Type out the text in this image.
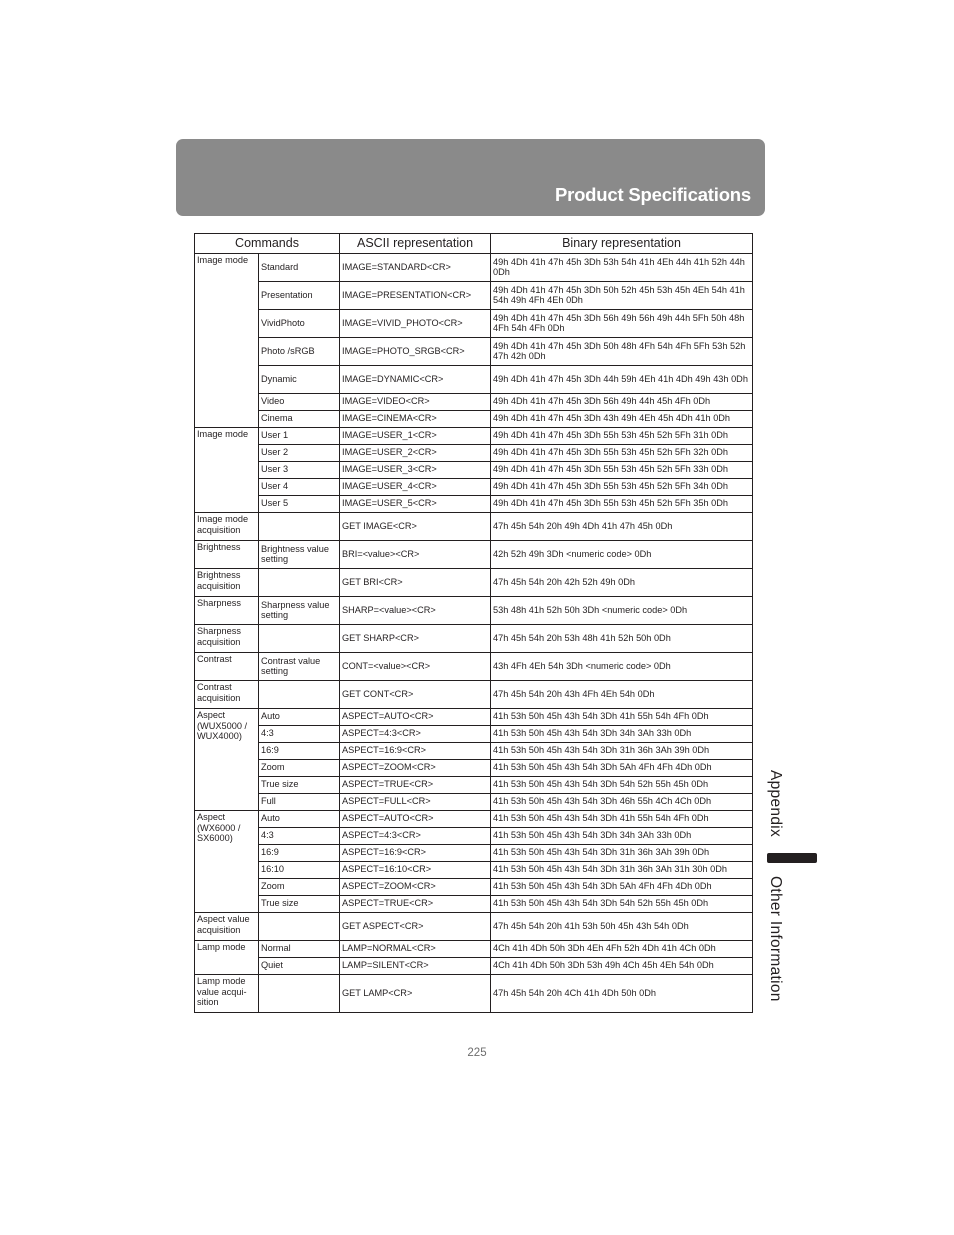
Product Specifications
Commands		ASCII representation	Binary representation
Image mode	Standard	IMAGE=STANDARD<CR>	49h 4Dh 41h 47h 45h 3Dh 53h 54h 41h 4Eh 44h 41h 52h 44h 0Dh
	Presentation	IMAGE=PRESENTATION<CR>	49h 4Dh 41h 47h 45h 3Dh 50h 52h 45h 53h 45h 4Eh 54h 41h 54h 49h 4Fh 4Eh 0Dh
	VividPhoto	IMAGE=VIVID_PHOTO<CR>	49h 4Dh 41h 47h 45h 3Dh 56h 49h 56h 49h 44h 5Fh 50h 48h 4Fh 54h 4Fh 0Dh
	Photo /sRGB	IMAGE=PHOTO_SRGB<CR>	49h 4Dh 41h 47h 45h 3Dh 50h 48h 4Fh 54h 4Fh 5Fh 53h 52h 47h 42h 0Dh
	Dynamic	IMAGE=DYNAMIC<CR>	49h 4Dh 41h 47h 45h 3Dh 44h 59h 4Eh 41h 4Dh 49h 43h 0Dh
	Video	IMAGE=VIDEO<CR>	49h 4Dh 41h 47h 45h 3Dh 56h 49h 44h 45h 4Fh 0Dh
	Cinema	IMAGE=CINEMA<CR>	49h 4Dh 41h 47h 45h 3Dh 43h 49h 4Eh 45h 4Dh 41h 0Dh
Image mode	User 1	IMAGE=USER_1<CR>	49h 4Dh 41h 47h 45h 3Dh 55h 53h 45h 52h 5Fh 31h 0Dh
	User 2	IMAGE=USER_2<CR>	49h 4Dh 41h 47h 45h 3Dh 55h 53h 45h 52h 5Fh 32h 0Dh
	User 3	IMAGE=USER_3<CR>	49h 4Dh 41h 47h 45h 3Dh 55h 53h 45h 52h 5Fh 33h 0Dh
	User 4	IMAGE=USER_4<CR>	49h 4Dh 41h 47h 45h 3Dh 55h 53h 45h 52h 5Fh 34h 0Dh
	User 5	IMAGE=USER_5<CR>	49h 4Dh 41h 47h 45h 3Dh 55h 53h 45h 52h 5Fh 35h 0Dh
Image mode acquisition		GET IMAGE<CR>	47h 45h 54h 20h 49h 4Dh 41h 47h 45h 0Dh
Brightness	Brightness value setting	BRI=<value><CR>	42h 52h 49h 3Dh <numeric code> 0Dh
Brightness acquisition		GET BRI<CR>	47h 45h 54h 20h 42h 52h 49h 0Dh
Sharpness	Sharpness value setting	SHARP=<value><CR>	53h 48h 41h 52h 50h 3Dh <numeric code> 0Dh
Sharpness acquisition		GET SHARP<CR>	47h 45h 54h 20h 53h 48h 41h 52h 50h 0Dh
Contrast	Contrast value setting	CONT=<value><CR>	43h 4Fh 4Eh 54h 3Dh <numeric code> 0Dh
Contrast acquisition		GET CONT<CR>	47h 45h 54h 20h 43h 4Fh 4Eh 54h 0Dh
Aspect (WUX5000 / WUX4000)	Auto	ASPECT=AUTO<CR>	41h 53h 50h 45h 43h 54h 3Dh 41h 55h 54h 4Fh 0Dh
	4:3	ASPECT=4:3<CR>	41h 53h 50h 45h 43h 54h 3Dh 34h 3Ah 33h 0Dh
	16:9	ASPECT=16:9<CR>	41h 53h 50h 45h 43h 54h 3Dh 31h 36h 3Ah 39h 0Dh
	Zoom	ASPECT=ZOOM<CR>	41h 53h 50h 45h 43h 54h 3Dh 5Ah 4Fh 4Fh 4Dh 0Dh
	True size	ASPECT=TRUE<CR>	41h 53h 50h 45h 43h 54h 3Dh 54h 52h 55h 45h 0Dh
	Full	ASPECT=FULL<CR>	41h 53h 50h 45h 43h 54h 3Dh 46h 55h 4Ch 4Ch 0Dh
Aspect (WX6000 / SX6000)	Auto	ASPECT=AUTO<CR>	41h 53h 50h 45h 43h 54h 3Dh 41h 55h 54h 4Fh 0Dh
	4:3	ASPECT=4:3<CR>	41h 53h 50h 45h 43h 54h 3Dh 34h 3Ah 33h 0Dh
	16:9	ASPECT=16:9<CR>	41h 53h 50h 45h 43h 54h 3Dh 31h 36h 3Ah 39h 0Dh
	16:10	ASPECT=16:10<CR>	41h 53h 50h 45h 43h 54h 3Dh 31h 36h 3Ah 31h 30h 0Dh
	Zoom	ASPECT=ZOOM<CR>	41h 53h 50h 45h 43h 54h 3Dh 5Ah 4Fh 4Fh 4Dh 0Dh
	True size	ASPECT=TRUE<CR>	41h 53h 50h 45h 43h 54h 3Dh 54h 52h 55h 45h 0Dh
Aspect value acquisition		GET ASPECT<CR>	47h 45h 54h 20h 41h 53h 50h 45h 43h 54h 0Dh
Lamp mode	Normal	LAMP=NORMAL<CR>	4Ch 41h 4Dh 50h 3Dh 4Eh 4Fh 52h 4Dh 41h 4Ch 0Dh
	Quiet	LAMP=SILENT<CR>	4Ch 41h 4Dh 50h 3Dh 53h 49h 4Ch 45h 4Eh 54h 0Dh
Lamp mode value acqui-sition		GET LAMP<CR>	47h 45h 54h 20h 4Ch 41h 4Dh 50h 0Dh
225
Appendix
Other Information
